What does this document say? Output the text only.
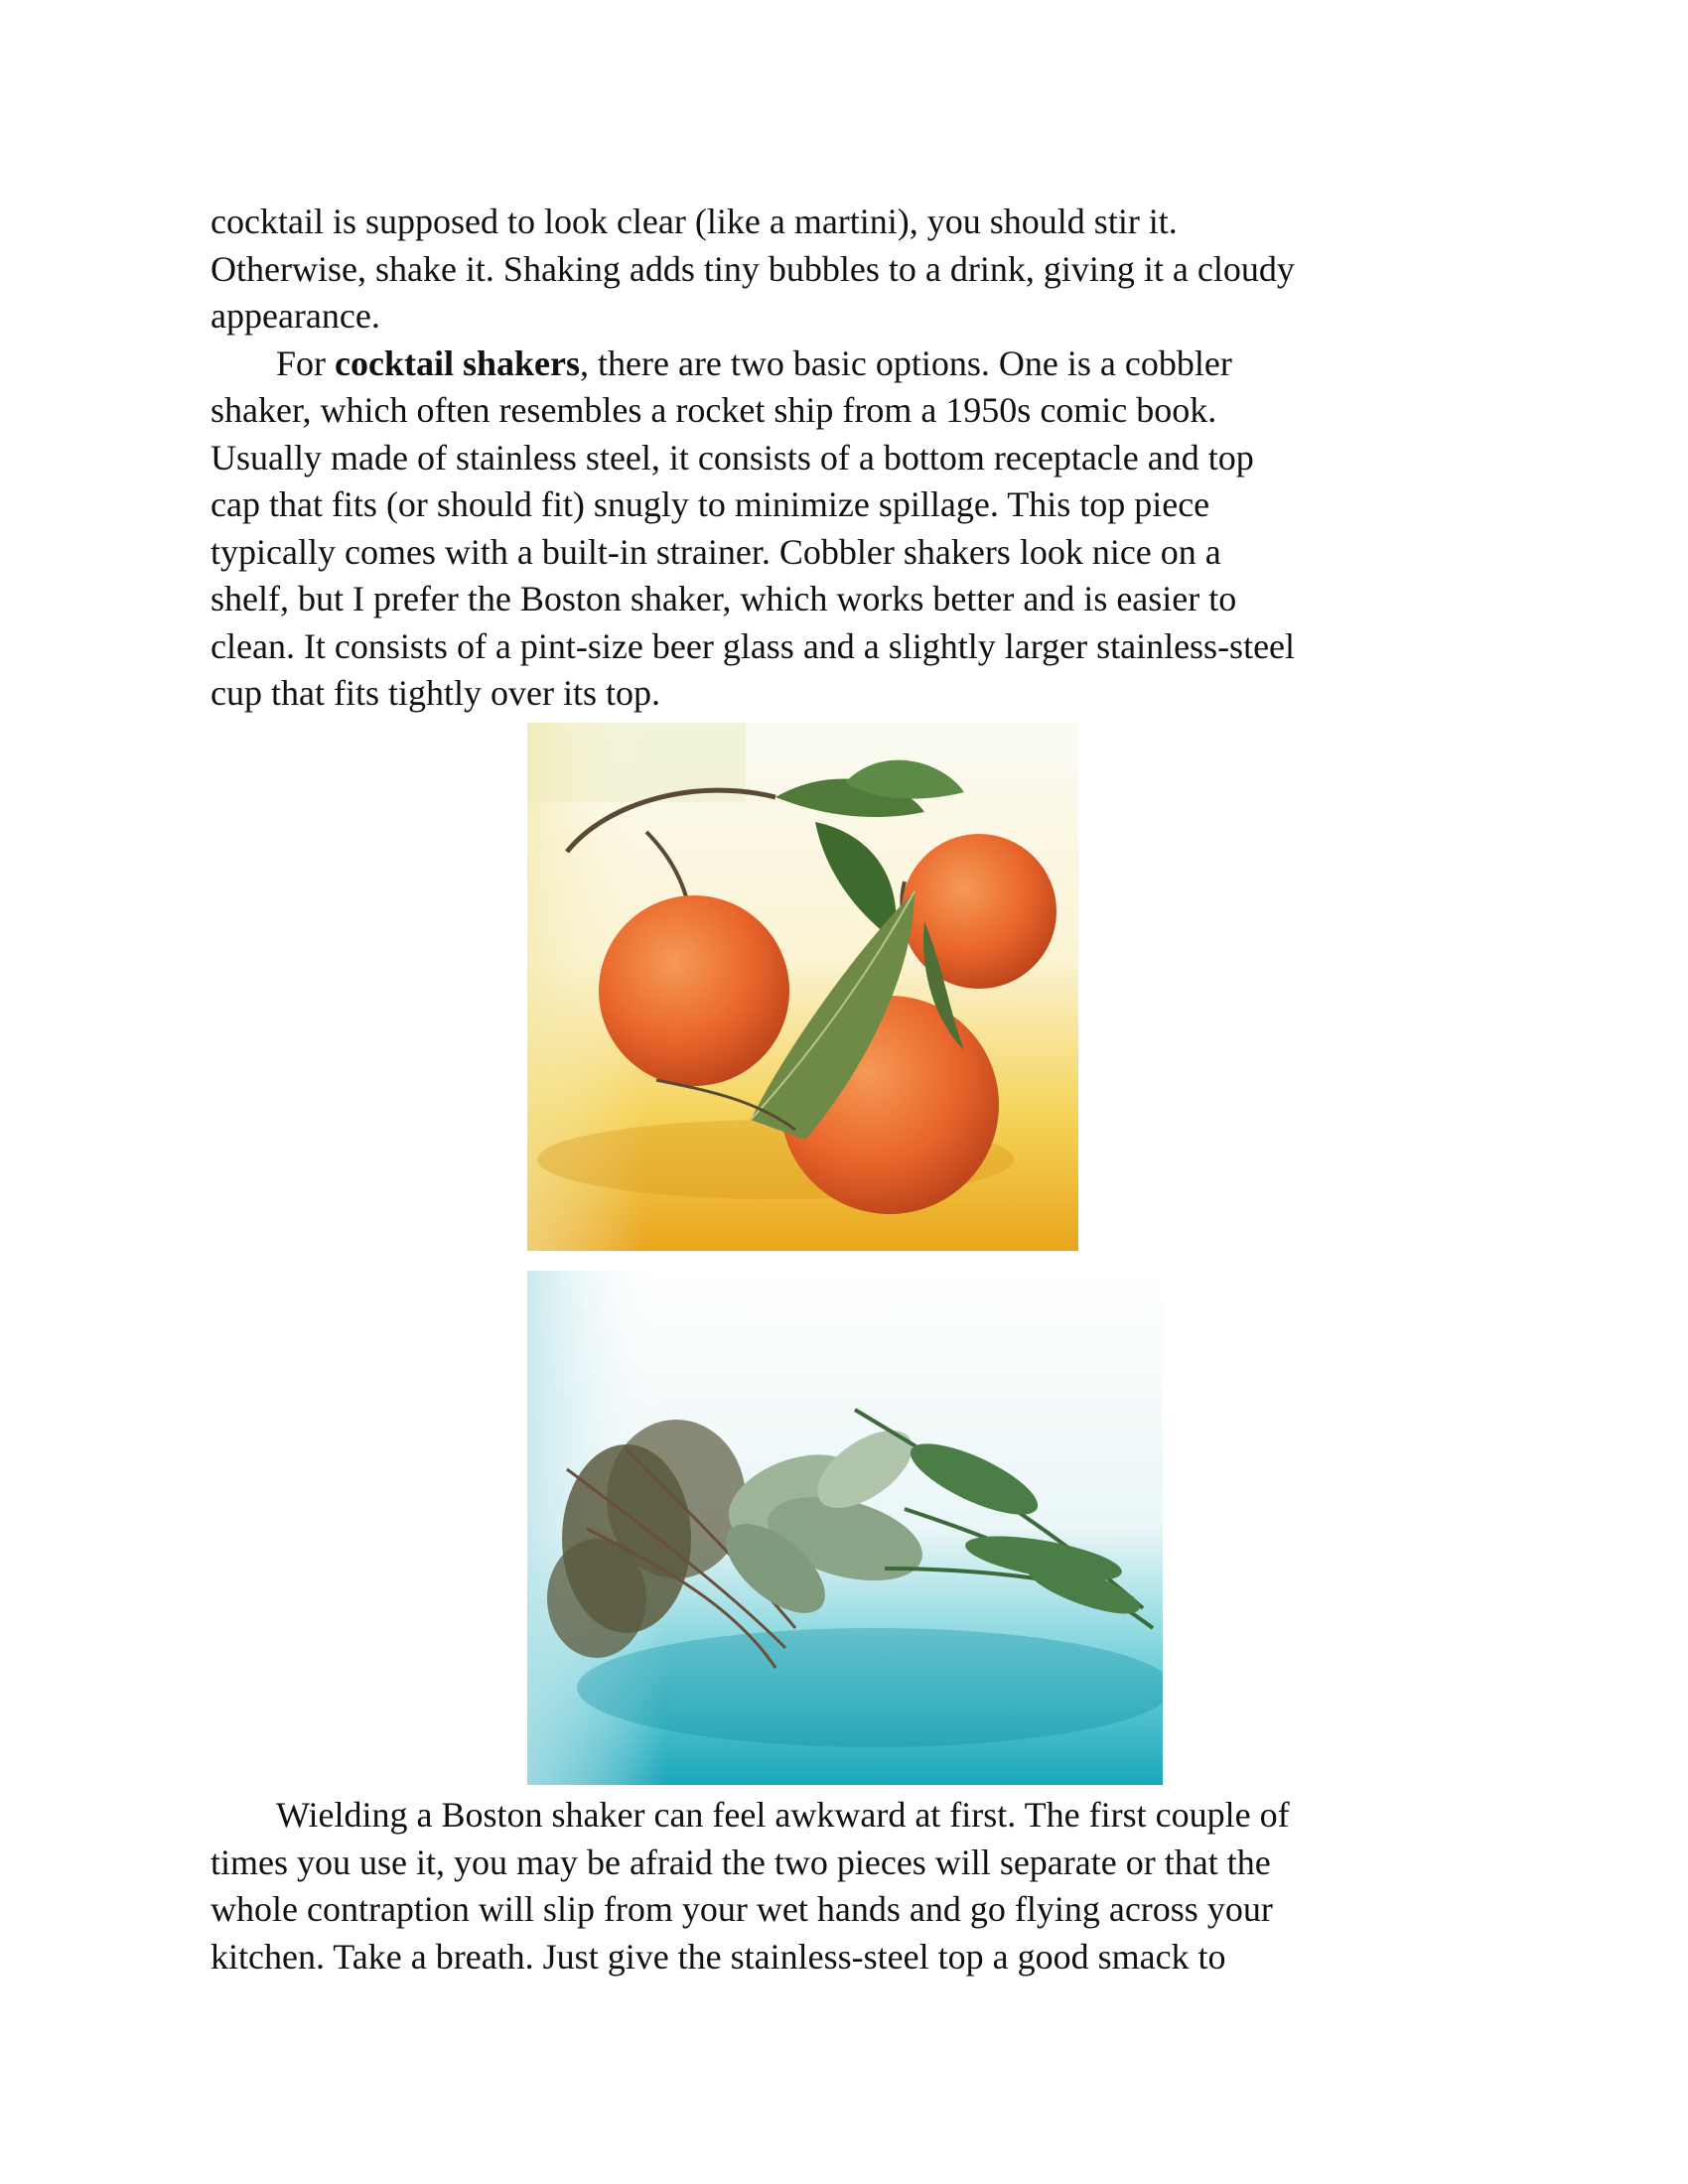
cocktail is supposed to look clear (like a martini), you should stir it.
Otherwise, shake it. Shaking adds tiny bubbles to a drink, giving it a cloudy
appearance.

For cocktail shakers, there are two basic options. One is a cobbler
shaker, which often resembles a rocket ship from a 1950s comic book.
Usually made of stainless steel, it consists of a bottom receptacle and top
cap that fits (or should fit) snugly to minimize spillage. This top piece
typically comes with a built-in strainer. Cobbler shakers look nice on a
shelf, but I prefer the Boston shaker, which works better and is easier to
clean. It consists of a pint-size beer glass and a slightly larger stainless-steel
cup that fits tightly over its top.

Wielding a Boston shaker can feel awkward at first. The first couple of
times you use it, you may be afraid the two pieces will separate or that the
whole contraption will slip from your wet hands and go flying across your
kitchen. Take a breath. Just give the stainless-steel top a good smack to
